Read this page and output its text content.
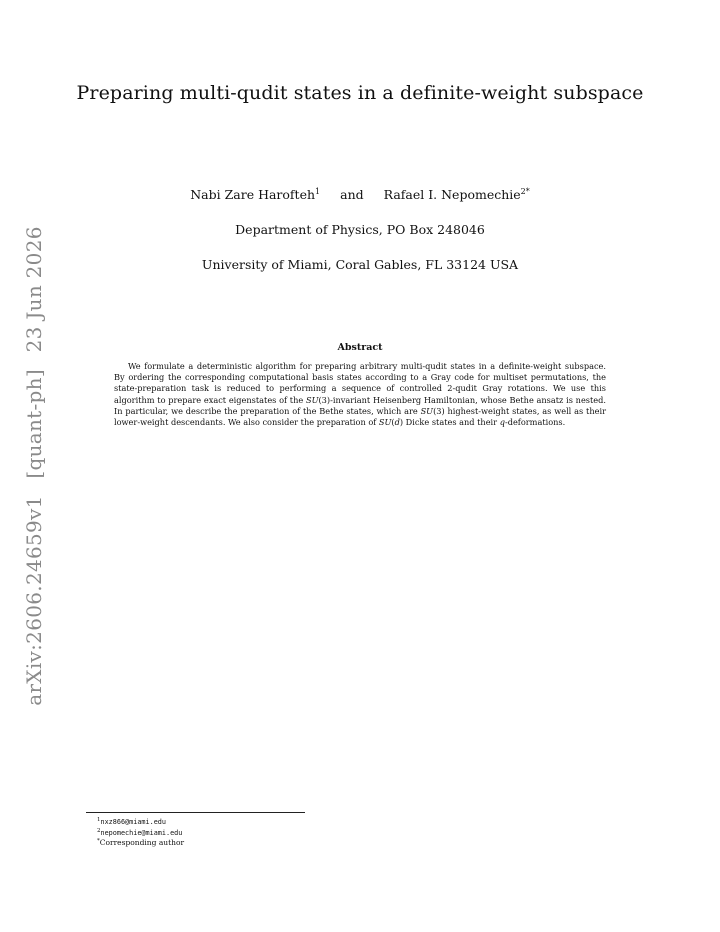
arXiv:2606.24659v1 [quant-ph] 23 Jun 2026
Preparing multi-qudit states in a definite-weight subspace
Nabi Zare Harofteh$^1$ and Rafael I. Nepomechie$^{2*}$
Department of Physics, PO Box 248046
University of Miami, Coral Gables, FL 33124 USA
Abstract
We formulate a deterministic algorithm for preparing arbitrary multi-qudit states in a definite-weight subspace. By ordering the corresponding computational basis states according to a Gray code for multiset permutations, the state-preparation task is reduced to performing a sequence of controlled 2-qudit Gray rotations. We use this algorithm to prepare exact eigenstates of the SU(3)-invariant Heisenberg Hamiltonian, whose Bethe ansatz is nested. In particular, we describe the preparation of the Bethe states, which are SU(3) highest-weight states, as well as their lower-weight descendants. We also consider the preparation of SU(d) Dicke states and their q-deformations.
$^1$nxz866@miami.edu
$^2$nepomechie@miami.edu
*Corresponding author
